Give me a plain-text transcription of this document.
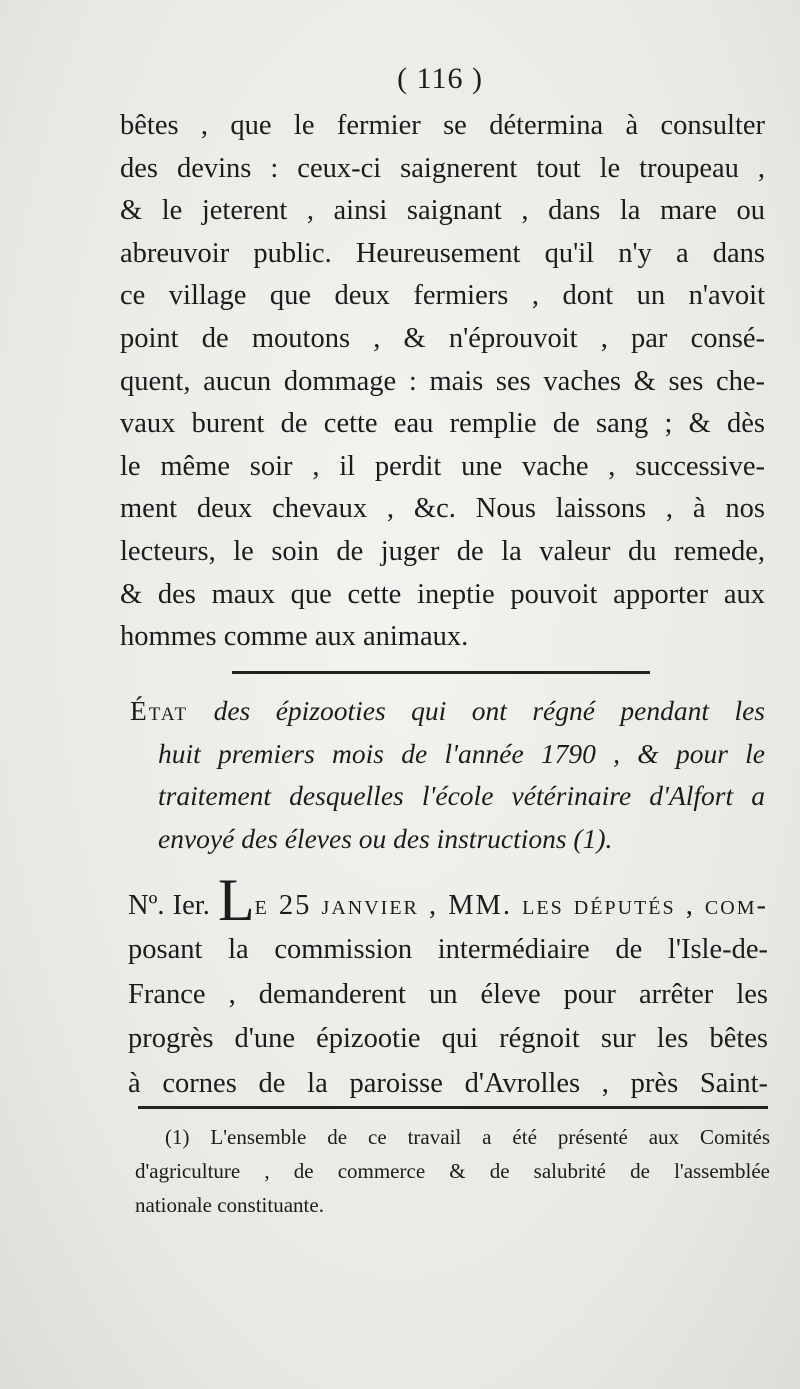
( 116 )
bêtes , que le fermier se détermina à consulter
des devins : ceux-ci saignerent tout le troupeau ,
& le jeterent , ainsi saignant , dans la mare ou
abreuvoir public. Heureusement qu'il n'y a dans
ce village que deux fermiers , dont un n'avoit
point de moutons , & n'éprouvoit , par consé-
quent, aucun dommage : mais ses vaches & ses che-
vaux burent de cette eau remplie de sang ; & dès
le même soir , il perdit une vache , successive-
ment deux chevaux , &c. Nous laissons , à nos
lecteurs, le soin de juger de la valeur du remede,
& des maux que cette ineptie pouvoit apporter aux
hommes comme aux animaux.
État des épizooties qui ont régné pendant les
huit premiers mois de l'année 1790 , & pour le
traitement desquelles l'école vétérinaire d'Alfort a
envoyé des éleves ou des instructions (1).
Nº. Ier. Le 25 janvier , MM. les députés , com-
posant la commission intermédiaire de l'Isle-de-
France , demanderent un éleve pour arrêter les
progrès d'une épizootie qui régnoit sur les bêtes
à cornes de la paroisse d'Avrolles , près Saint-
(1) L'ensemble de ce travail a été présenté aux Comités
d'agriculture , de commerce & de salubrité de l'assemblée
nationale constituante.
